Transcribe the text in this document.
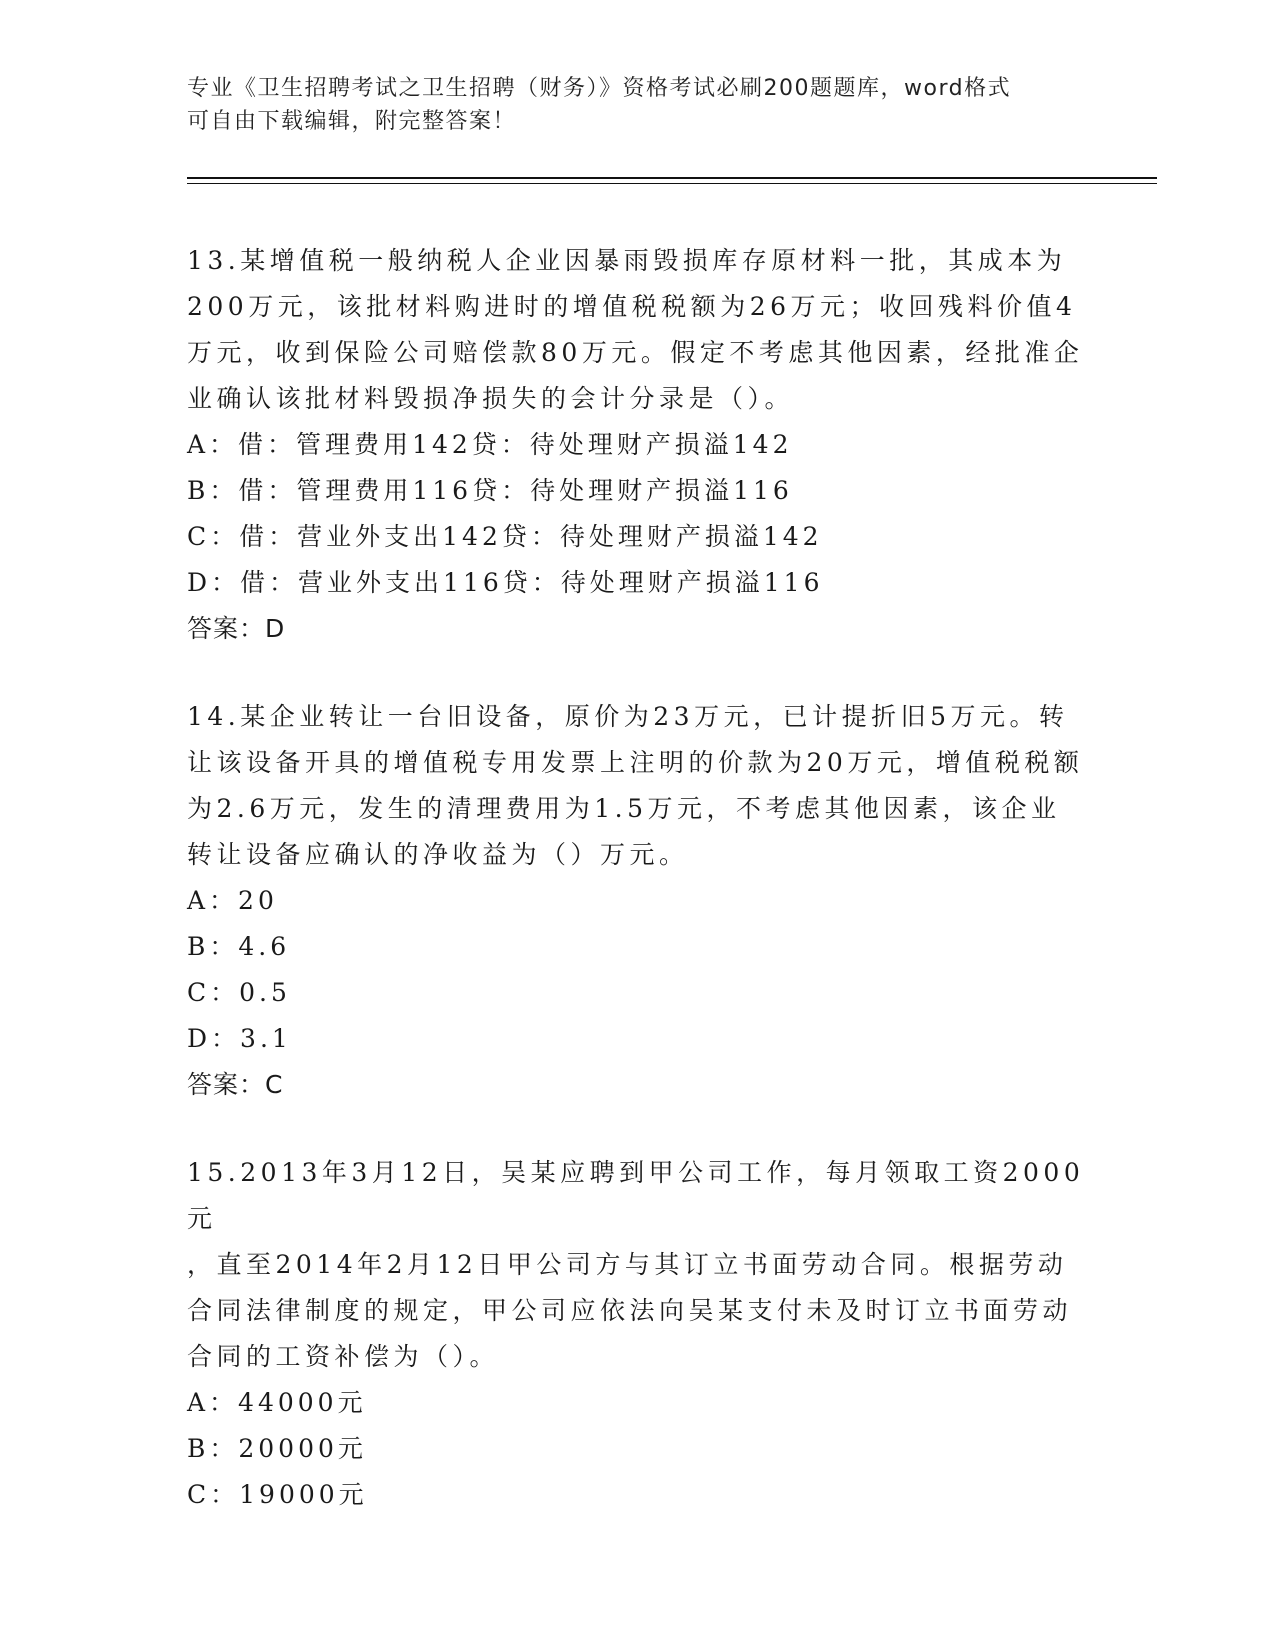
专业《卫生招聘考试之卫生招聘（财务）》资格考试必刷200题题库，word格式
可自由下载编辑，附完整答案！

13.某增值税一般纳税人企业因暴雨毁损库存原材料一批，其成本为

200万元，该批材料购进时的增值税税额为26万元；收回残料价值4

万元，收到保险公司赔偿款80万元。假定不考虑其他因素，经批准企

业确认该批材料毁损净损失的会计分录是（）。

A：借：管理费用142贷：待处理财产损溢142

B：借：管理费用116贷：待处理财产损溢116

C：借：营业外支出142贷：待处理财产损溢142

D：借：营业外支出116贷：待处理财产损溢116

答案：D

14.某企业转让一台旧设备，原价为23万元，已计提折旧5万元。转

让该设备开具的增值税专用发票上注明的价款为20万元，增值税税额

为2.6万元，发生的清理费用为1.5万元，不考虑其他因素，该企业

转让设备应确认的净收益为（）万元。

A：20

B：4.6

C：0.5

D：3.1

答案：C

15.2013年3月12日，吴某应聘到甲公司工作，每月领取工资2000元

，直至2014年2月12日甲公司方与其订立书面劳动合同。根据劳动

合同法律制度的规定，甲公司应依法向吴某支付未及时订立书面劳动

合同的工资补偿为（）。

A：44000元

B：20000元

C：19000元
